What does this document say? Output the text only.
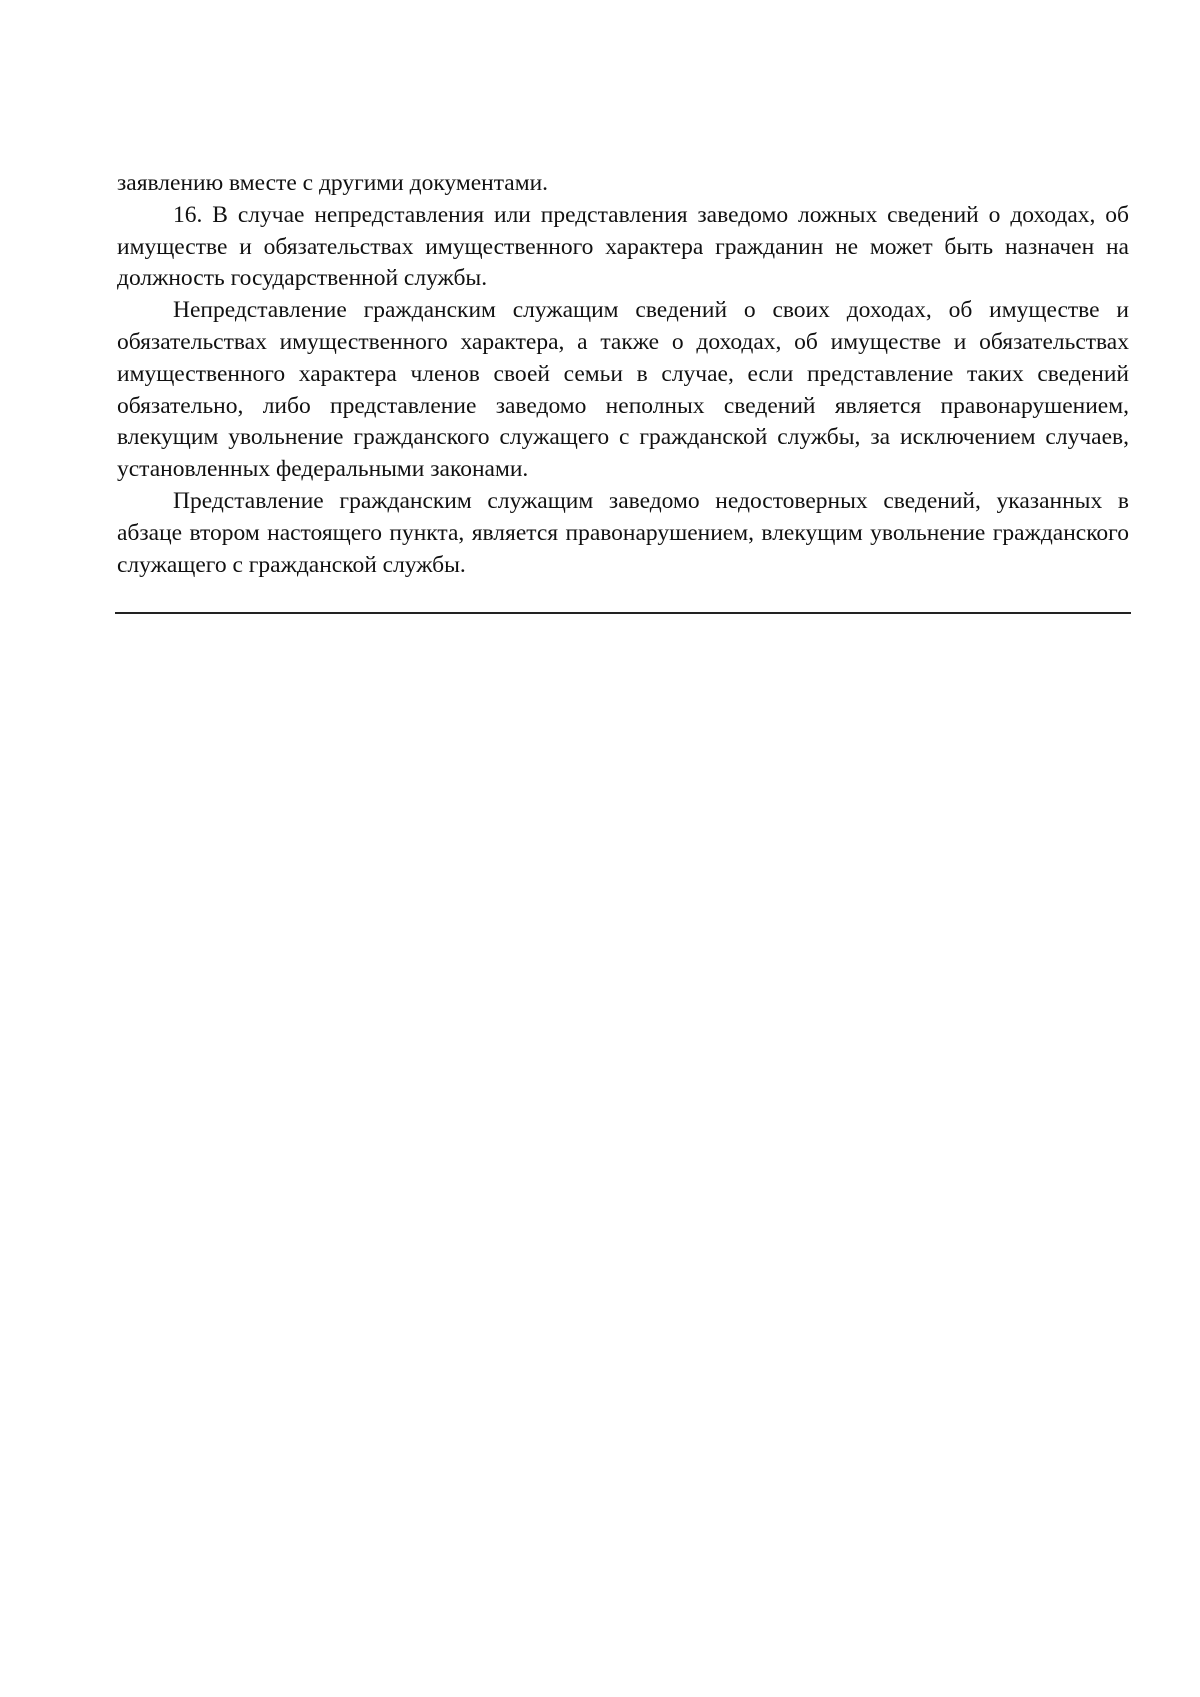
заявлению вместе с другими документами.

16. В случае непредставления или представления заведомо ложных сведений о доходах, об имуществе и обязательствах имущественного характера гражданин не может быть назначен на должность государственной службы.

Непредставление гражданским служащим сведений о своих доходах, об имуществе и обязательствах имущественного характера, а также о доходах, об имуществе и обязательствах имущественного характера членов своей семьи в случае, если представление таких сведений обязательно, либо представление заведомо неполных сведений является правонарушением, влекущим увольнение гражданского служащего с гражданской службы, за исключением случаев, установленных федеральными законами.

Представление гражданским служащим заведомо недостоверных сведений, указанных в абзаце втором настоящего пункта, является правонарушением, влекущим увольнение гражданского служащего с гражданской службы.
